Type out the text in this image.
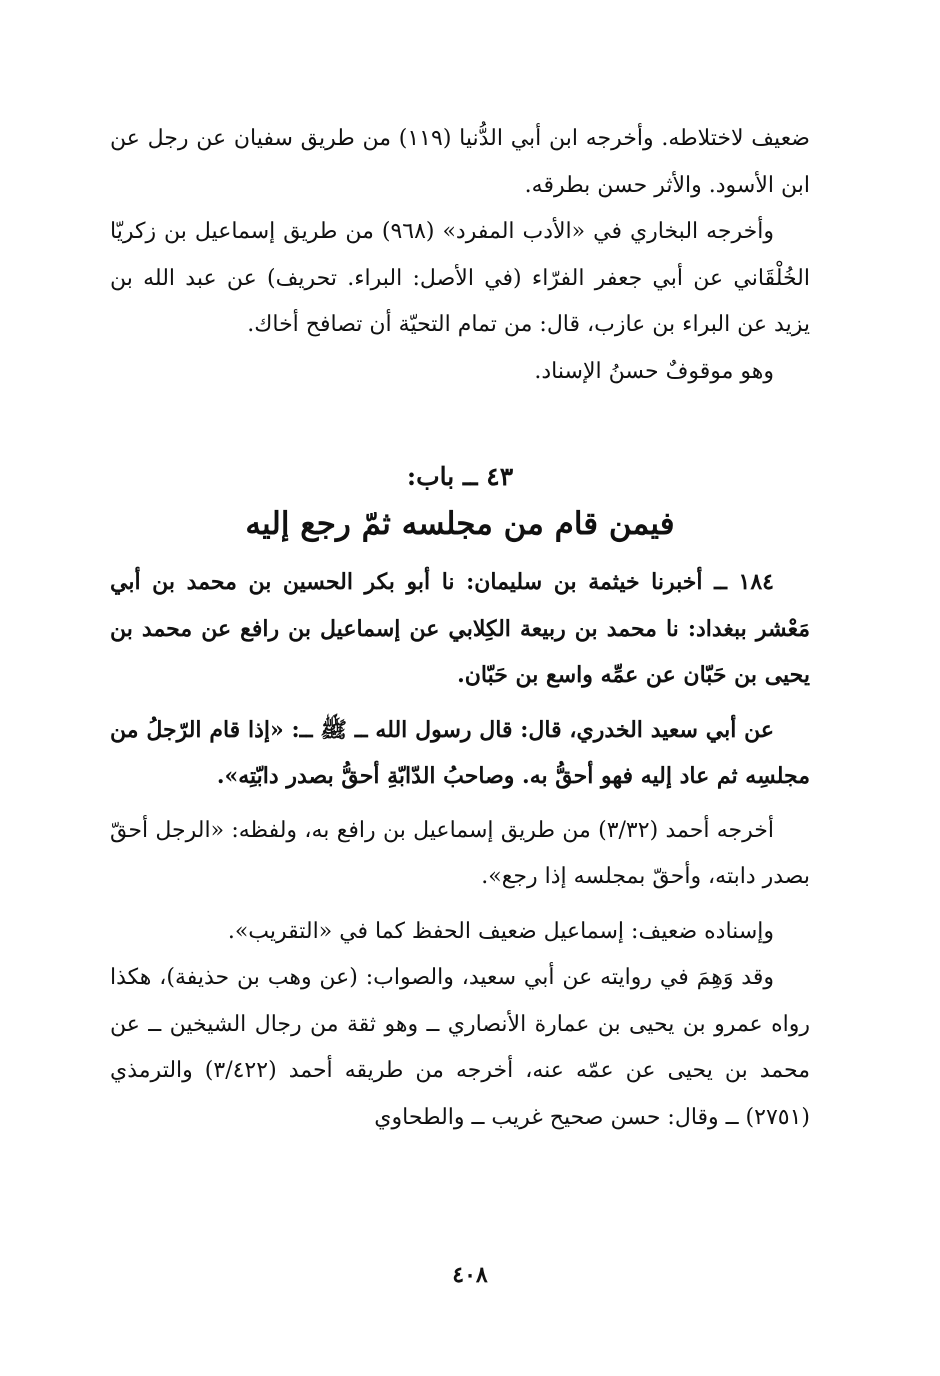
ضعيف لاختلاطه. وأخرجه ابن أبي الدُّنيا (١١٩) من طريق سفيان عن رجل عن ابن الأسود. والأثر حسن بطرقه.

وأخرجه البخاري في «الأدب المفرد» (٩٦٨) من طريق إسماعيل بن زكريّا الخُلْقَاني عن أبي جعفر الفرّاء (في الأصل: البراء. تحريف) عن عبد الله بن يزيد عن البراء بن عازب، قال: من تمام التحيّة أن تصافح أخاك.

وهو موقوفٌ حسنُ الإسناد.

٤٣ ــ باب:

فيمن قام من مجلسه ثمّ رجع إليه

١٨٤ ــ أخبرنا خيثمة بن سليمان: نا أبو بكر الحسين بن محمد بن أبي مَعْشر ببغداد: نا محمد بن ربيعة الكِلابي عن إسماعيل بن رافع عن محمد بن يحيى بن حَبّان عن عمِّه واسع بن حَبّان.

عن أبي سعيد الخدري، قال: قال رسول الله ــ ﷺ ــ: «إذا قام الرّجلُ من مجلسِه ثم عاد إليه فهو أحقُّ به. وصاحبُ الدّابّةِ أحقُّ بصدر دابّتِه».

أخرجه أحمد (٣/٣٢) من طريق إسماعيل بن رافع به، ولفظه: «الرجل أحقّ بصدر دابته، وأحقّ بمجلسه إذا رجع».

وإسناده ضعيف: إسماعيل ضعيف الحفظ كما في «التقريب».

وقد وَهِمَ في روايته عن أبي سعيد، والصواب: (عن وهب بن حذيفة)، هكذا رواه عمرو بن يحيى بن عمارة الأنصاري ــ وهو ثقة من رجال الشيخين ــ عن محمد بن يحيى عن عمّه عنه، أخرجه من طريقه أحمد (٣/٤٢٢) والترمذي (٢٧٥١) ــ وقال: حسن صحيح غريب ــ والطحاوي

٤٠٨
